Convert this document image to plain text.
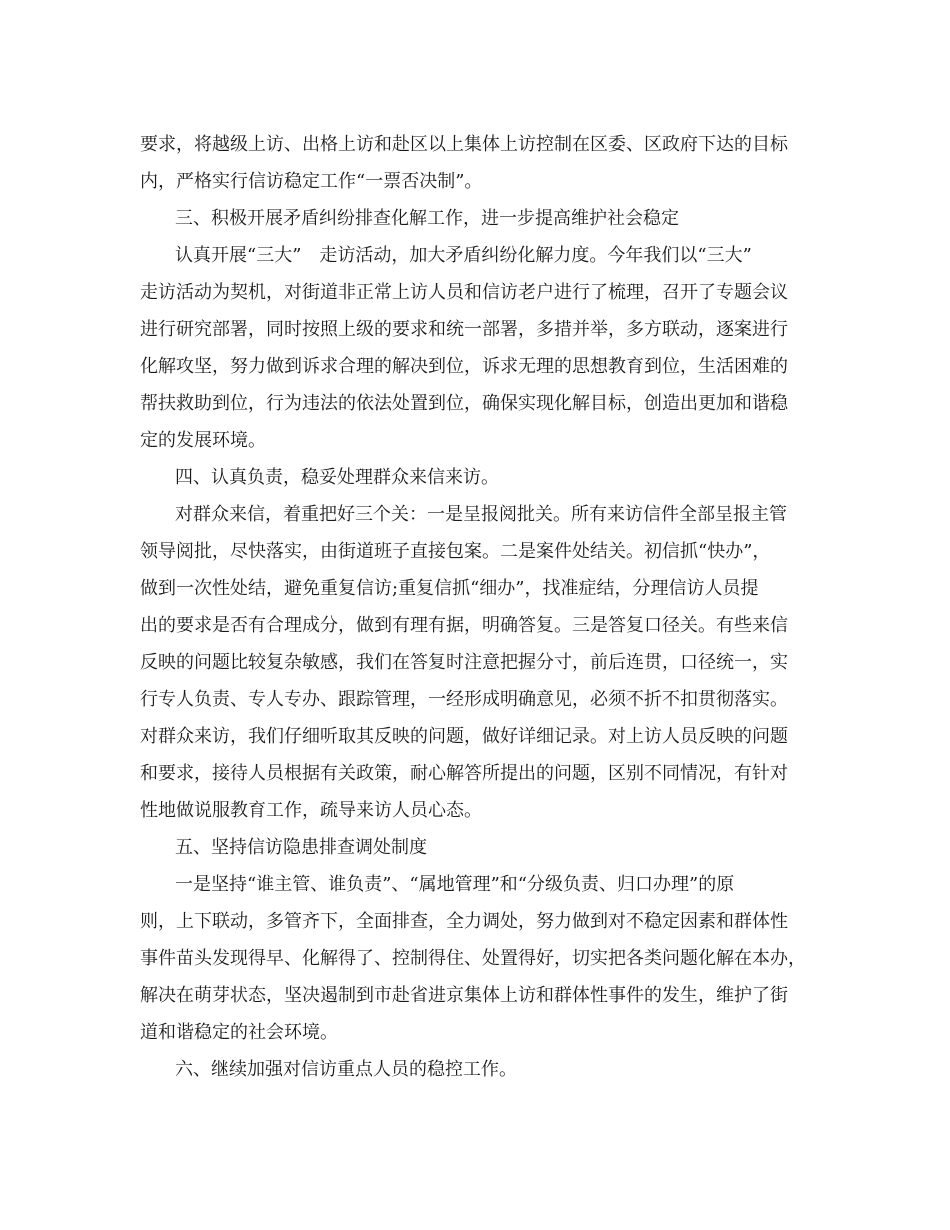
要求，将越级上访、出格上访和赴区以上集体上访控制在区委、区政府下达的目标
内，严格实行信访稳定工作“一票否决制”。
三、积极开展矛盾纠纷排查化解工作，进一步提高维护社会稳定
认真开展“三大”　走访活动，加大矛盾纠纷化解力度。今年我们以“三大”
走访活动为契机，对街道非正常上访人员和信访老户进行了梳理，召开了专题会议
进行研究部署，同时按照上级的要求和统一部署，多措并举，多方联动，逐案进行
化解攻坚，努力做到诉求合理的解决到位，诉求无理的思想教育到位，生活困难的
帮扶救助到位，行为违法的依法处置到位，确保实现化解目标，创造出更加和谐稳
定的发展环境。
四、认真负责，稳妥处理群众来信来访。
对群众来信，着重把好三个关：一是呈报阅批关。所有来访信件全部呈报主管
领导阅批，尽快落实，由街道班子直接包案。二是案件处结关。初信抓“快办”，
做到一次性处结，避免重复信访;重复信抓“细办”，找准症结，分理信访人员提
出的要求是否有合理成分，做到有理有据，明确答复。三是答复口径关。有些来信
反映的问题比较复杂敏感，我们在答复时注意把握分寸，前后连贯，口径统一，实
行专人负责、专人专办、跟踪管理，一经形成明确意见，必须不折不扣贯彻落实。
对群众来访，我们仔细听取其反映的问题，做好详细记录。对上访人员反映的问题
和要求，接待人员根据有关政策，耐心解答所提出的问题，区别不同情况，有针对
性地做说服教育工作，疏导来访人员心态。
五、坚持信访隐患排查调处制度
一是坚持“谁主管、谁负责”、“属地管理”和“分级负责、归口办理”的原
则，上下联动，多管齐下，全面排查，全力调处，努力做到对不稳定因素和群体性
事件苗头发现得早、化解得了、控制得住、处置得好，切实把各类问题化解在本办，
解决在萌芽状态，坚决遏制到市赴省进京集体上访和群体性事件的发生，维护了街
道和谐稳定的社会环境。
六、继续加强对信访重点人员的稳控工作。
